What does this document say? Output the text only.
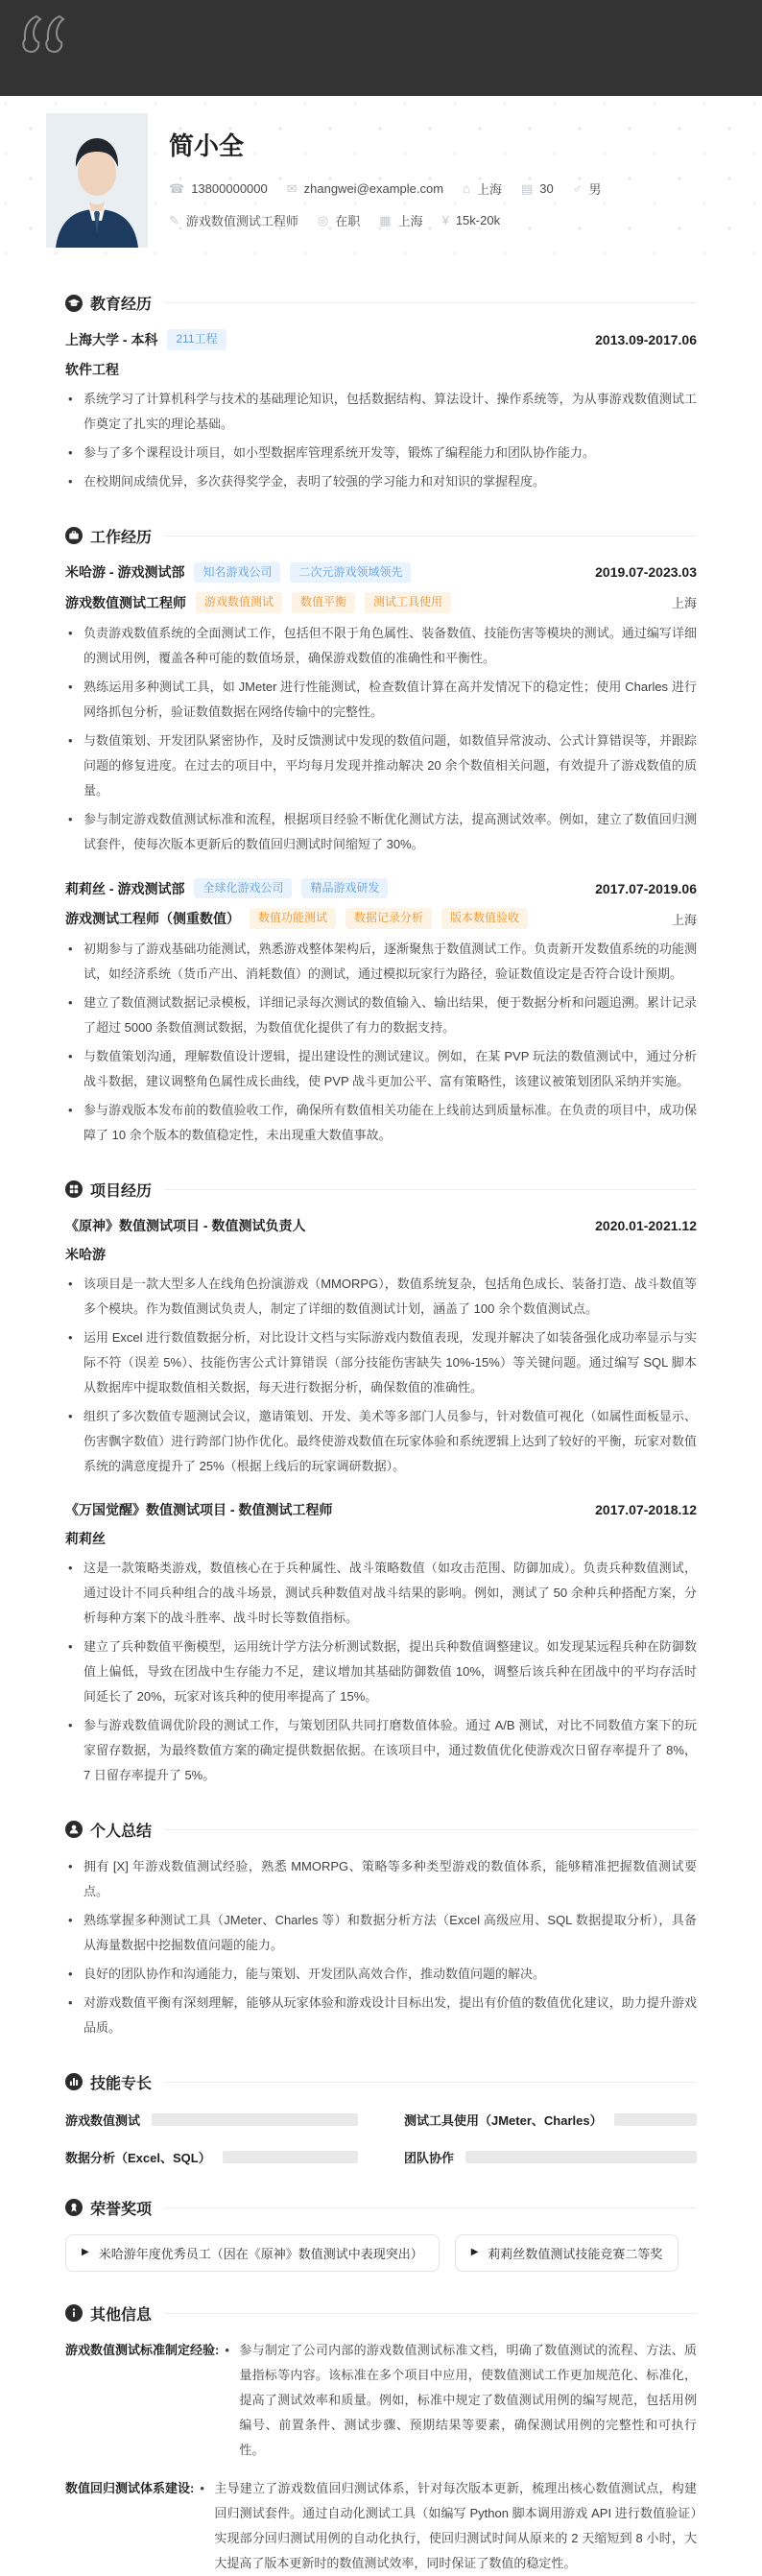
简小全
☎ 13800000000 ✉ zhangwei@example.com ⌂ 上海 ▤ 30 ♂ 男
✎ 游戏数值测试工程师 ◎ 在职 ▦ 上海 ¥ 15k-20k
教育经历
上海大学 - 本科	211工程	2013.09-2017.06
软件工程
• 系统学习了计算机科学与技术的基础理论知识，包括数据结构、算法设计、操作系统等，为从事游戏数值测试工作奠定了扎实的理论基础。
• 参与了多个课程设计项目，如小型数据库管理系统开发等，锻炼了编程能力和团队协作能力。
• 在校期间成绩优异，多次获得奖学金，表明了较强的学习能力和对知识的掌握程度。
工作经历
米哈游 - 游戏测试部	知名游戏公司	二次元游戏领域领先	2019.07-2023.03
游戏数值测试工程师	游戏数值测试	数值平衡	测试工具使用	上海
• 负责游戏数值系统的全面测试工作，包括但不限于角色属性、装备数值、技能伤害等模块的测试。通过编写详细的测试用例，覆盖各种可能的数值场景，确保游戏数值的准确性和平衡性。
• 熟练运用多种测试工具，如 JMeter 进行性能测试，检查数值计算在高并发情况下的稳定性；使用 Charles 进行网络抓包分析，验证数值数据在网络传输中的完整性。
• 与数值策划、开发团队紧密协作，及时反馈测试中发现的数值问题，如数值异常波动、公式计算错误等，并跟踪问题的修复进度。在过去的项目中，平均每月发现并推动解决 20 余个数值相关问题，有效提升了游戏数值的质量。
• 参与制定游戏数值测试标准和流程，根据项目经验不断优化测试方法，提高测试效率。例如，建立了数值回归测试套件，使每次版本更新后的数值回归测试时间缩短了 30%。
莉莉丝 - 游戏测试部	全球化游戏公司	精品游戏研发	2017.07-2019.06
游戏测试工程师（侧重数值）	数值功能测试	数据记录分析	版本数值验收	上海
• 初期参与了游戏基础功能测试，熟悉游戏整体架构后，逐渐聚焦于数值测试工作。负责新开发数值系统的功能测试，如经济系统（货币产出、消耗数值）的测试，通过模拟玩家行为路径，验证数值设定是否符合设计预期。
• 建立了数值测试数据记录模板，详细记录每次测试的数值输入、输出结果，便于数据分析和问题追溯。累计记录了超过 5000 条数值测试数据，为数值优化提供了有力的数据支持。
• 与数值策划沟通，理解数值设计逻辑，提出建设性的测试建议。例如，在某 PVP 玩法的数值测试中，通过分析战斗数据，建议调整角色属性成长曲线，使 PVP 战斗更加公平、富有策略性，该建议被策划团队采纳并实施。
• 参与游戏版本发布前的数值验收工作，确保所有数值相关功能在上线前达到质量标准。在负责的项目中，成功保障了 10 余个版本的数值稳定性，未出现重大数值事故。
项目经历
《原神》数值测试项目 - 数值测试负责人	2020.01-2021.12
米哈游
• 该项目是一款大型多人在线角色扮演游戏（MMORPG），数值系统复杂，包括角色成长、装备打造、战斗数值等多个模块。作为数值测试负责人，制定了详细的数值测试计划，涵盖了 100 余个数值测试点。
• 运用 Excel 进行数值数据分析，对比设计文档与实际游戏内数值表现，发现并解决了如装备强化成功率显示与实际不符（误差 5%）、技能伤害公式计算错误（部分技能伤害缺失 10%-15%）等关键问题。通过编写 SQL 脚本从数据库中提取数值相关数据，每天进行数据分析，确保数值的准确性。
• 组织了多次数值专题测试会议，邀请策划、开发、美术等多部门人员参与，针对数值可视化（如属性面板显示、伤害飘字数值）进行跨部门协作优化。最终使游戏数值在玩家体验和系统逻辑上达到了较好的平衡，玩家对数值系统的满意度提升了 25%（根据上线后的玩家调研数据）。
《万国觉醒》数值测试项目 - 数值测试工程师	2017.07-2018.12
莉莉丝
• 这是一款策略类游戏，数值核心在于兵种属性、战斗策略数值（如攻击范围、防御加成）。负责兵种数值测试，通过设计不同兵种组合的战斗场景，测试兵种数值对战斗结果的影响。例如，测试了 50 余种兵种搭配方案，分析每种方案下的战斗胜率、战斗时长等数值指标。
• 建立了兵种数值平衡模型，运用统计学方法分析测试数据，提出兵种数值调整建议。如发现某远程兵种在防御数值上偏低，导致在团战中生存能力不足，建议增加其基础防御数值 10%，调整后该兵种在团战中的平均存活时间延长了 20%，玩家对该兵种的使用率提高了 15%。
• 参与游戏数值调优阶段的测试工作，与策划团队共同打磨数值体验。通过 A/B 测试，对比不同数值方案下的玩家留存数据，为最终数值方案的确定提供数据依据。在该项目中，通过数值优化使游戏次日留存率提升了 8%，7 日留存率提升了 5%。
个人总结
• 拥有 [X] 年游戏数值测试经验，熟悉 MMORPG、策略等多种类型游戏的数值体系，能够精准把握数值测试要点。
• 熟练掌握多种测试工具（JMeter、Charles 等）和数据分析方法（Excel 高级应用、SQL 数据提取分析），具备从海量数据中挖掘数值问题的能力。
• 良好的团队协作和沟通能力，能与策划、开发团队高效合作，推动数值问题的解决。
• 对游戏数值平衡有深刻理解，能够从玩家体验和游戏设计目标出发，提出有价值的数值优化建议，助力提升游戏品质。
技能专长
游戏数值测试	测试工具使用（JMeter、Charles）
数据分析（Excel、SQL）	团队协作
荣誉奖项
▶ 米哈游年度优秀员工（因在《原神》数值测试中表现突出）	▶ 莉莉丝数值测试技能竞赛二等奖
其他信息
游戏数值测试标准制定经验:	• 参与制定了公司内部的游戏数值测试标准文档，明确了数值测试的流程、方法、质量指标等内容。该标准在多个项目中应用，使数值测试工作更加规范化、标准化，提高了测试效率和质量。例如，标准中规定了数值测试用例的编写规范，包括用例编号、前置条件、测试步骤、预期结果等要素，确保测试用例的完整性和可执行性。
数值回归测试体系建设:	• 主导建立了游戏数值回归测试体系，针对每次版本更新，梳理出核心数值测试点，构建回归测试套件。通过自动化测试工具（如编写 Python 脚本调用游戏 API 进行数值验证）实现部分回归测试用例的自动化执行，使回归测试时间从原来的 2 天缩短到 8 小时，大大提高了版本更新时的数值测试效率，同时保证了数值的稳定性。
